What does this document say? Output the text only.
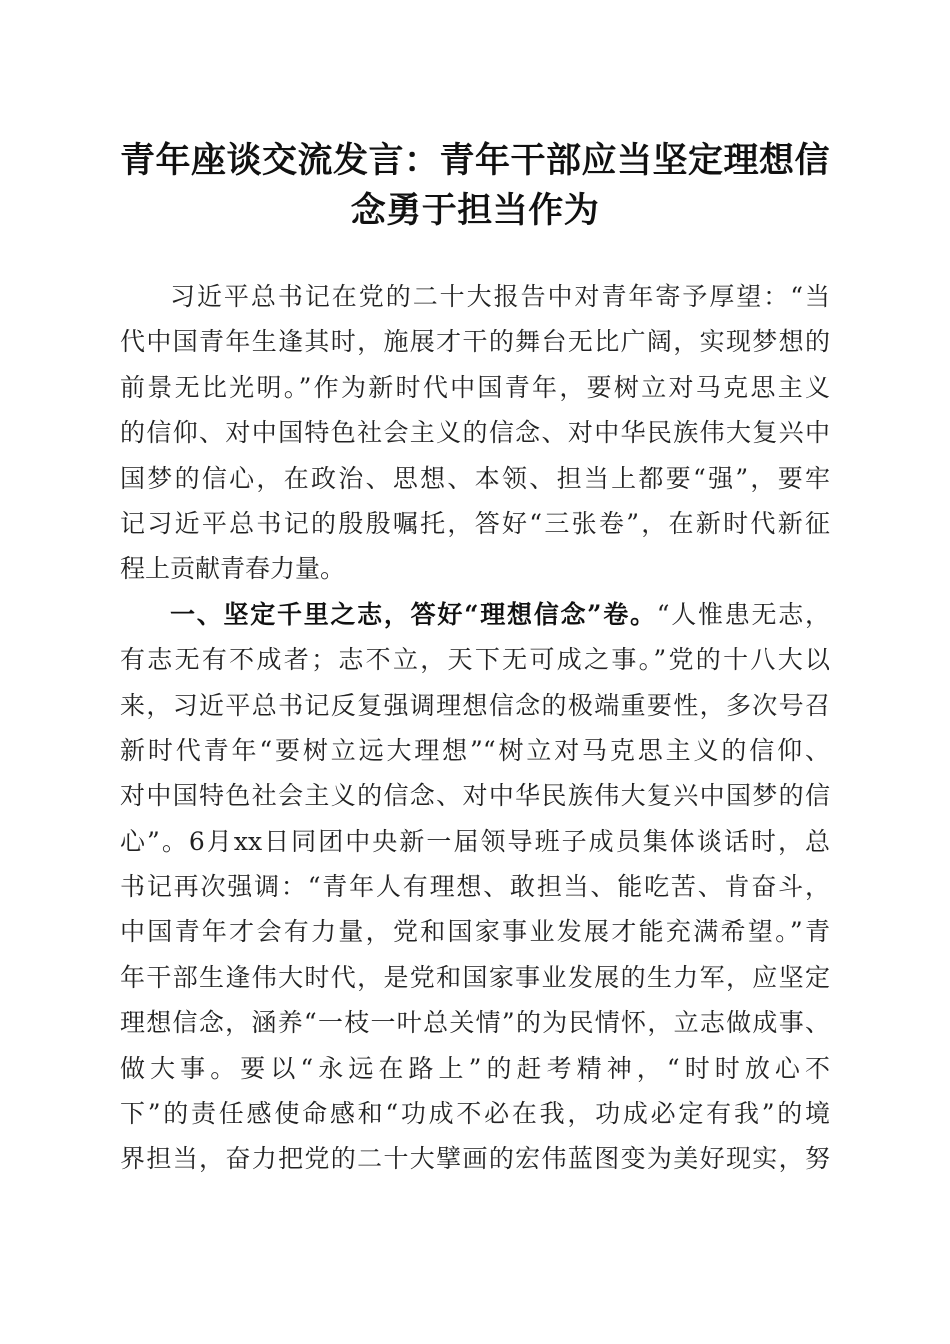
青年座谈交流发言：青年干部应当坚定理想信
念勇于担当作为
习近平总书记在党的二十大报告中对青年寄予厚望：“当
代中国青年生逢其时，施展才干的舞台无比广阔，实现梦想的
前景无比光明。”作为新时代中国青年，要树立对马克思主义
的信仰、对中国特色社会主义的信念、对中华民族伟大复兴中
国梦的信心，在政治、思想、本领、担当上都要“强”，要牢
记习近平总书记的殷殷嘱托，答好“三张卷”，在新时代新征
程上贡献青春力量。
一、坚定千里之志，答好“理想信念”卷。“人惟患无志，
有志无有不成者；志不立，天下无可成之事。”党的十八大以
来，习近平总书记反复强调理想信念的极端重要性，多次号召
新时代青年“要树立远大理想”“树立对马克思主义的信仰、
对中国特色社会主义的信念、对中华民族伟大复兴中国梦的信
心”。6月xx日同团中央新一届领导班子成员集体谈话时，总
书记再次强调：“青年人有理想、敢担当、能吃苦、肯奋斗，
中国青年才会有力量，党和国家事业发展才能充满希望。”青
年干部生逢伟大时代，是党和国家事业发展的生力军，应坚定
理想信念，涵养“一枝一叶总关情”的为民情怀，立志做成事、
做大事。要以“永远在路上”的赶考精神，“时时放心不
下”的责任感使命感和“功成不必在我，功成必定有我”的境
界担当，奋力把党的二十大擘画的宏伟蓝图变为美好现实，努
